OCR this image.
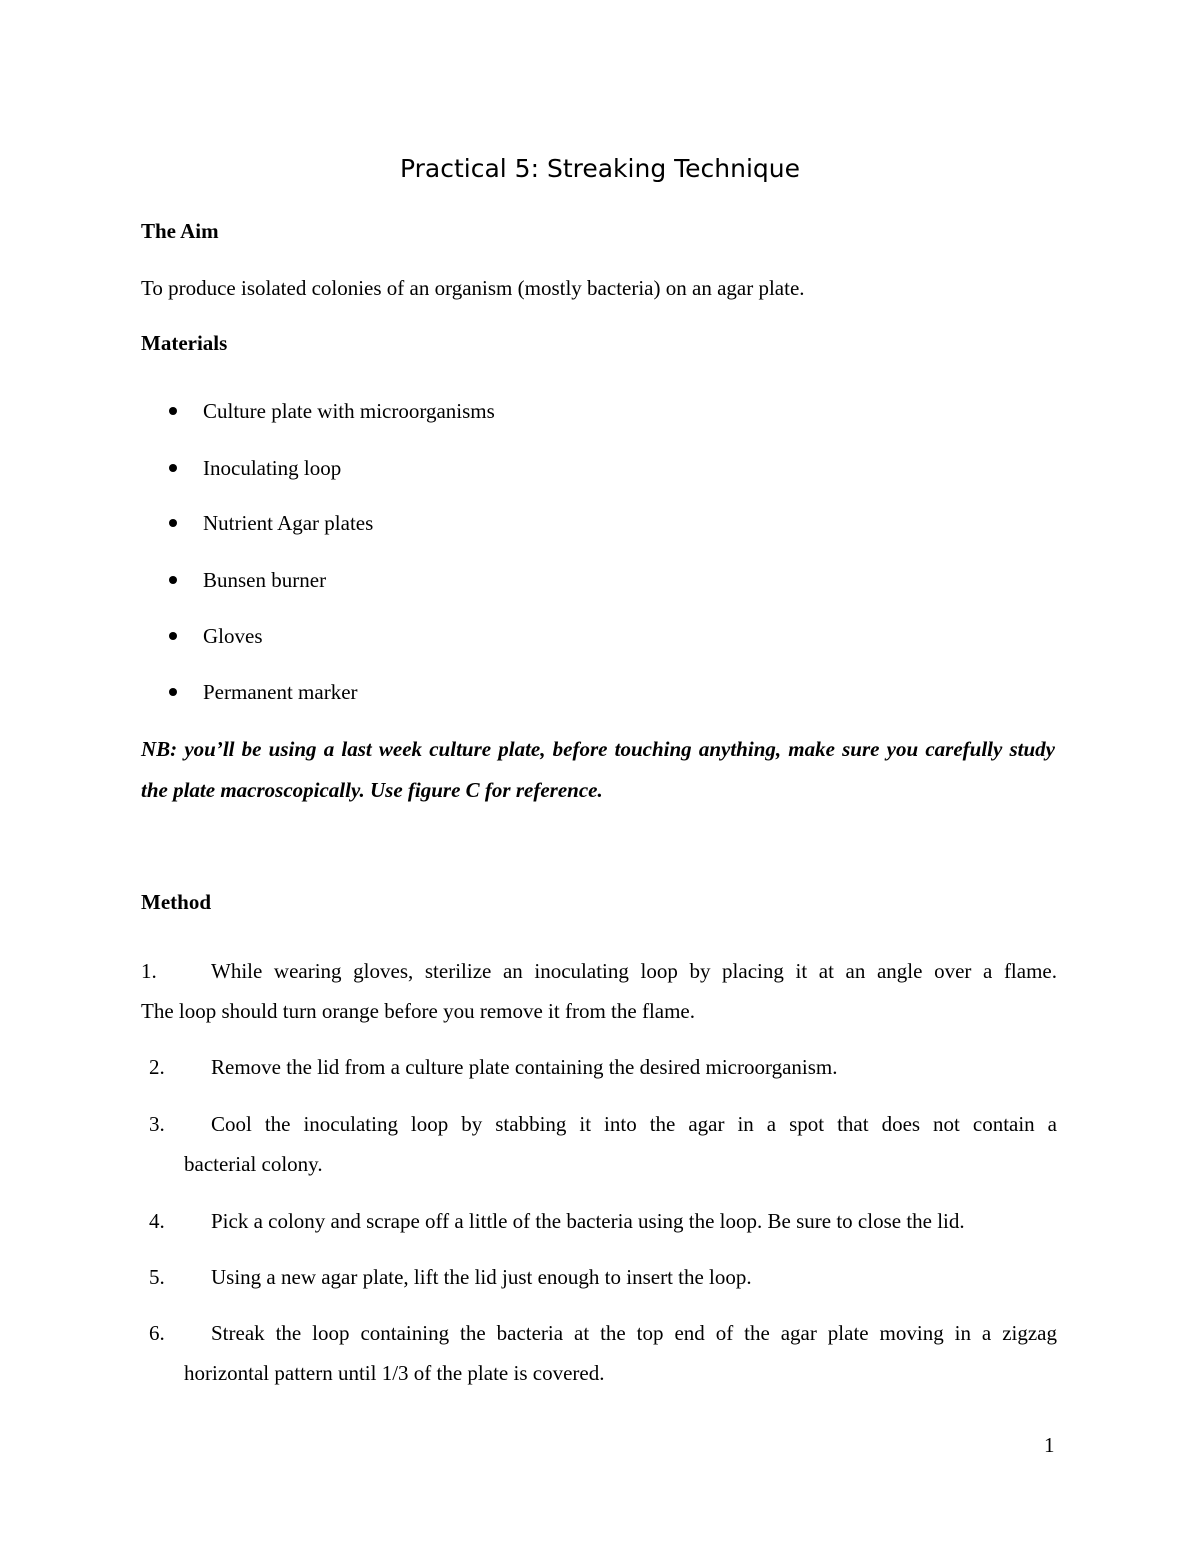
Practical 5: Streaking Technique
The Aim
To produce isolated colonies of an organism (mostly bacteria) on an agar plate.
Materials
Culture plate with microorganisms
Inoculating loop
Nutrient Agar plates
Bunsen burner
Gloves
Permanent marker
NB: you’ll be using a last week culture plate, before touching anything, make sure you carefully study the plate macroscopically. Use figure C for reference.
Method
1.	While wearing gloves, sterilize an inoculating loop by placing it at an angle over a flame.
The loop should turn orange before you remove it from the flame.
2. Remove the lid from a culture plate containing the desired microorganism.
3. Cool the inoculating loop by stabbing it into the agar in a spot that does not contain a
bacterial colony.
4. Pick a colony and scrape off a little of the bacteria using the loop. Be sure to close the lid.
5. Using a new agar plate, lift the lid just enough to insert the loop.
6. Streak the loop containing the bacteria at the top end of the agar plate moving in a zigzag
horizontal pattern until 1/3 of the plate is covered.
1
